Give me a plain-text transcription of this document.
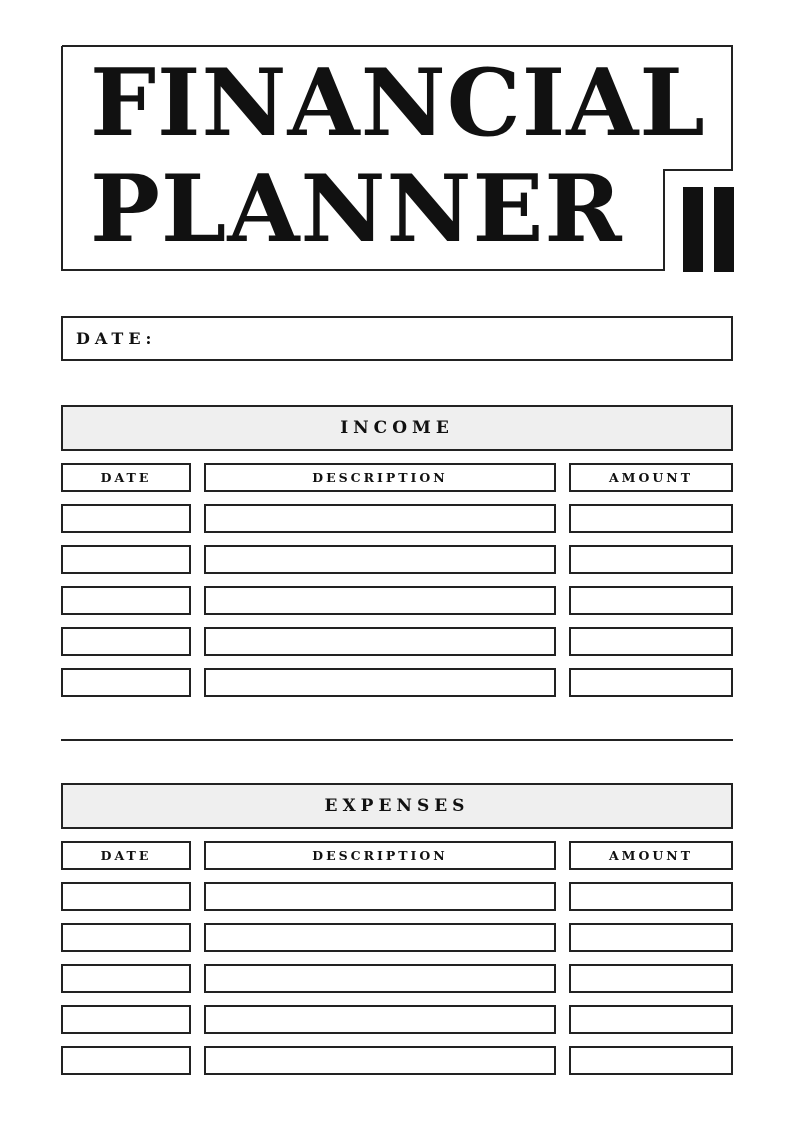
FINANCIAL
PLANNER
DATE:
INCOME
DATE	DESCRIPTION	AMOUNT
EXPENSES
DATE	DESCRIPTION	AMOUNT
